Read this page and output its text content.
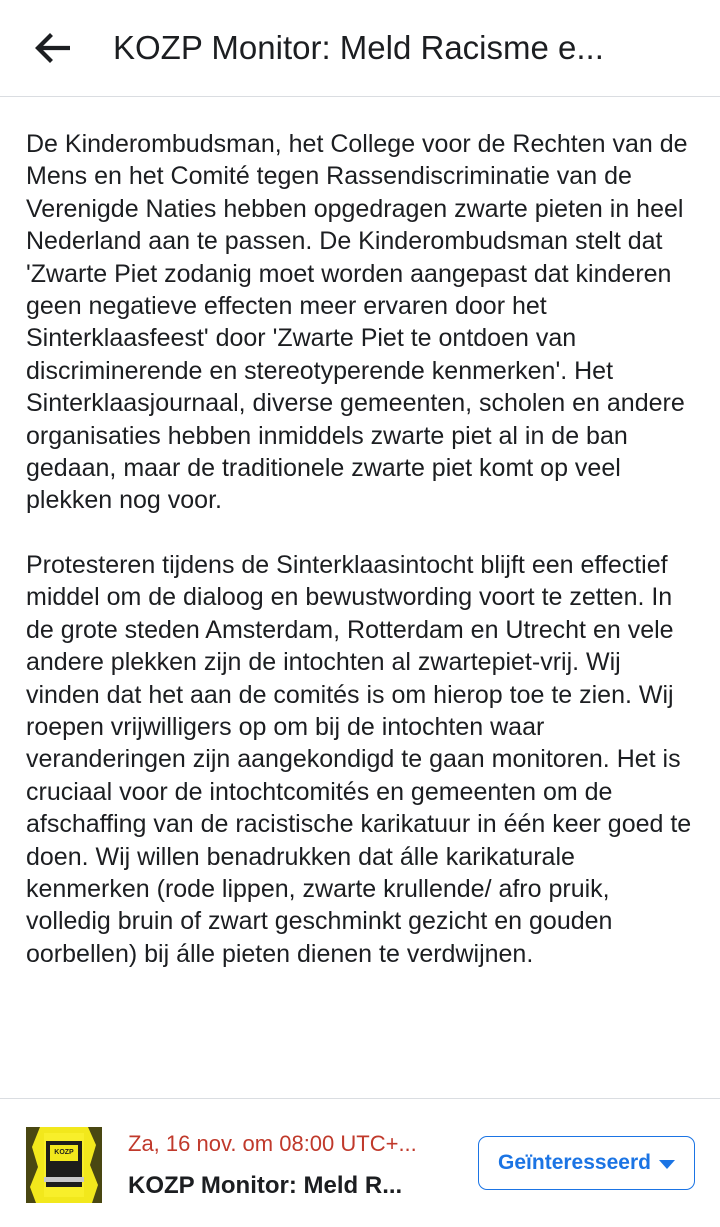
KOZP Monitor: Meld Racisme e...

De Kinderombudsman, het College voor de Rechten van de Mens en het Comité tegen Rassendiscriminatie van de Verenigde Naties hebben opgedragen zwarte pieten in heel Nederland aan te passen. De Kinderombudsman stelt dat 'Zwarte Piet zodanig moet worden aangepast dat kinderen geen negatieve effecten meer ervaren door het Sinterklaasfeest' door 'Zwarte Piet te ontdoen van discriminerende en stereotyperende kenmerken'. Het Sinterklaasjournaal, diverse gemeenten, scholen en andere organisaties hebben inmiddels zwarte piet al in de ban gedaan, maar de traditionele zwarte piet komt op veel plekken nog voor.

Protesteren tijdens de Sinterklaasintocht blijft een effectief middel om de dialoog en bewustwording voort te zetten. In de grote steden Amsterdam, Rotterdam en Utrecht en vele andere plekken zijn de intochten al zwartepiet-vrij. Wij vinden dat het aan de comités is om hierop toe te zien. Wij roepen vrijwilligers op om bij de intochten waar veranderingen zijn aangekondigd te gaan monitoren. Het is cruciaal voor de intochtcomités en gemeenten om de afschaffing van de racistische karikatuur in één keer goed te doen. Wij willen benadrukken dat álle karikaturale kenmerken (rode lippen, zwarte krullende/ afro pruik, volledig bruin of zwart geschminkt gezicht en gouden oorbellen) bij álle pieten dienen te verdwijnen.

KOZP Za, 16 nov. om 08:00 UTC+...
KOZP Monitor: Meld R...
Geïnteresseerd
